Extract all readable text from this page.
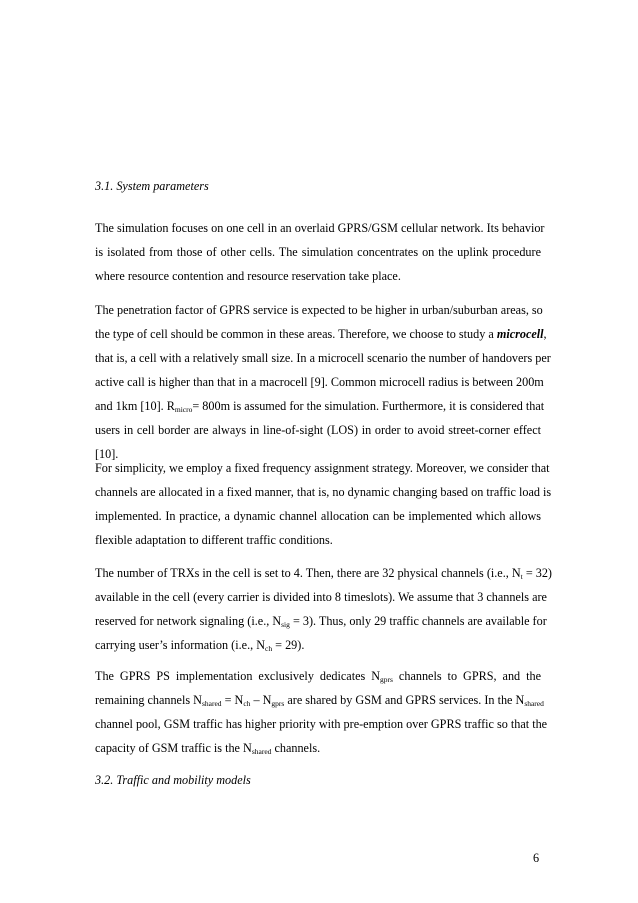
3.1. System parameters
The simulation focuses on one cell in an overlaid GPRS/GSM cellular network. Its behavior
is isolated from those of other cells. The simulation concentrates on the uplink procedure
where resource contention and resource reservation take place.
The penetration factor of GPRS service is expected to be higher in urban/suburban areas, so
the type of cell should be common in these areas. Therefore, we choose to study a microcell,
that is, a cell with a relatively small size. In a microcell scenario the number of handovers per
active call is higher than that in a macrocell [9]. Common microcell radius is between 200m
and 1km [10]. $R_{micro}= 800m$ is assumed for the simulation. Furthermore, it is considered that
users in cell border are always in line-of-sight (LOS) in order to avoid street-corner effect
[10].
For simplicity, we employ a fixed frequency assignment strategy. Moreover, we consider that
channels are allocated in a fixed manner, that is, no dynamic changing based on traffic load is
implemented. In practice, a dynamic channel allocation can be implemented which allows
flexible adaptation to different traffic conditions.
The number of TRXs in the cell is set to 4. Then, there are 32 physical channels (i.e., $N_t = 32$)
available in the cell (every carrier is divided into 8 timeslots). We assume that 3 channels are
reserved for network signaling (i.e., $N_{sig} = 3$). Thus, only 29 traffic channels are available for
carrying user’s information (i.e., $N_{ch} = 29$).
The GPRS PS implementation exclusively dedicates $N_{gprs}$ channels to GPRS, and the
remaining channels $N_{shared} = N_{ch} - N_{gprs}$ are shared by GSM and GPRS services. In the $N_{shared}$
channel pool, GSM traffic has higher priority with pre-emption over GPRS traffic so that the
capacity of GSM traffic is the $N_{shared}$ channels.
3.2. Traffic and mobility models
6
